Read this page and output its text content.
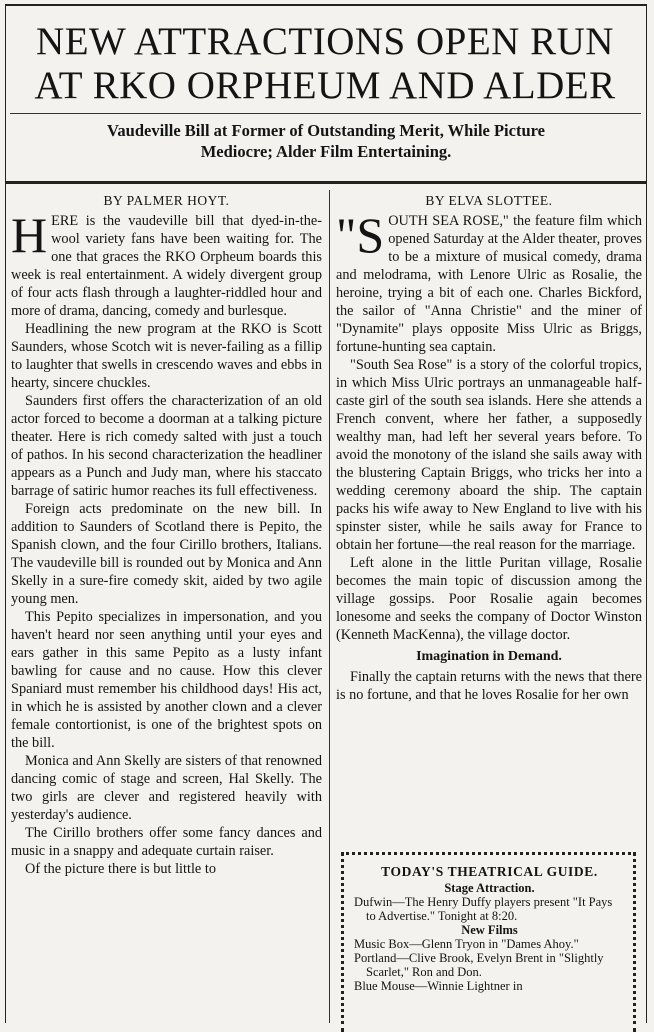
NEW ATTRACTIONS OPEN RUN
AT RKO ORPHEUM AND ALDER
Vaudeville Bill at Former of Outstanding Merit, While Picture
Mediocre; Alder Film Entertaining.
BY PALMER HOYT.

HERE is the vaudeville bill that dyed-in-the-wool variety fans have been waiting for. The one that graces the RKO Orpheum boards this week is real entertainment. A widely divergent group of four acts flash through a laughter-riddled hour and more of drama, dancing, comedy and burlesque.

Headlining the new program at the RKO is Scott Saunders, whose Scotch wit is never-failing as a fillip to laughter that swells in crescendo waves and ebbs in hearty, sincere chuckles.

Saunders first offers the characterization of an old actor forced to become a doorman at a talking picture theater. Here is rich comedy salted with just a touch of pathos. In his second characterization the headliner appears as a Punch and Judy man, where his staccato barrage of satiric humor reaches its full effectiveness.

Foreign acts predominate on the new bill. In addition to Saunders of Scotland there is Pepito, the Spanish clown, and the four Cirillo brothers, Italians. The vaudeville bill is rounded out by Monica and Ann Skelly in a sure-fire comedy skit, aided by two agile young men.

This Pepito specializes in impersonation, and you haven't heard nor seen anything until your eyes and ears gather in this same Pepito as a lusty infant bawling for cause and no cause. How this clever Spaniard must remember his childhood days! His act, in which he is assisted by another clown and a clever female contortionist, is one of the brightest spots on the bill.

Monica and Ann Skelly are sisters of that renowned dancing comic of stage and screen, Hal Skelly. The two girls are clever and registered heavily with yesterday's audience.

The Cirillo brothers offer some fancy dances and music in a snappy and adequate curtain raiser.

Of the picture there is but little to

BY ELVA SLOTTEE.

"SOUTH SEA ROSE," the feature film which opened Saturday at the Alder theater, proves to be a mixture of musical comedy, drama and melodrama, with Lenore Ulric as Rosalie, the heroine, trying a bit of each one. Charles Bickford, the sailor of "Anna Christie" and the miner of "Dynamite" plays opposite Miss Ulric as Briggs, fortune-hunting sea captain.

"South Sea Rose" is a story of the colorful tropics, in which Miss Ulric portrays an unmanageable half-caste girl of the south sea islands. Here she attends a French convent, where her father, a supposedly wealthy man, had left her several years before. To avoid the monotony of the island she sails away with the blustering Captain Briggs, who tricks her into a wedding ceremony aboard the ship. The captain packs his wife away to New England to live with his spinster sister, while he sails away for France to obtain her fortune—the real reason for the marriage.

Left alone in the little Puritan village, Rosalie becomes the main topic of discussion among the village gossips. Poor Rosalie again becomes lonesome and seeks the company of Doctor Winston (Kenneth MacKenna), the village doctor.

Imagination in Demand.

Finally the captain returns with the news that there is no fortune, and that he loves Rosalie for her own

TODAY'S THEATRICAL GUIDE.
Stage Attraction.

Dufwin—The Henry Duffy players present "It Pays to Advertise." Tonight at 8:20.

New Films

Music Box—Glenn Tryon in "Dames Ahoy."

Portland—Clive Brook, Evelyn Brent in "Slightly Scarlet," Ron and Don.

Blue Mouse—Winnie Lightner in
